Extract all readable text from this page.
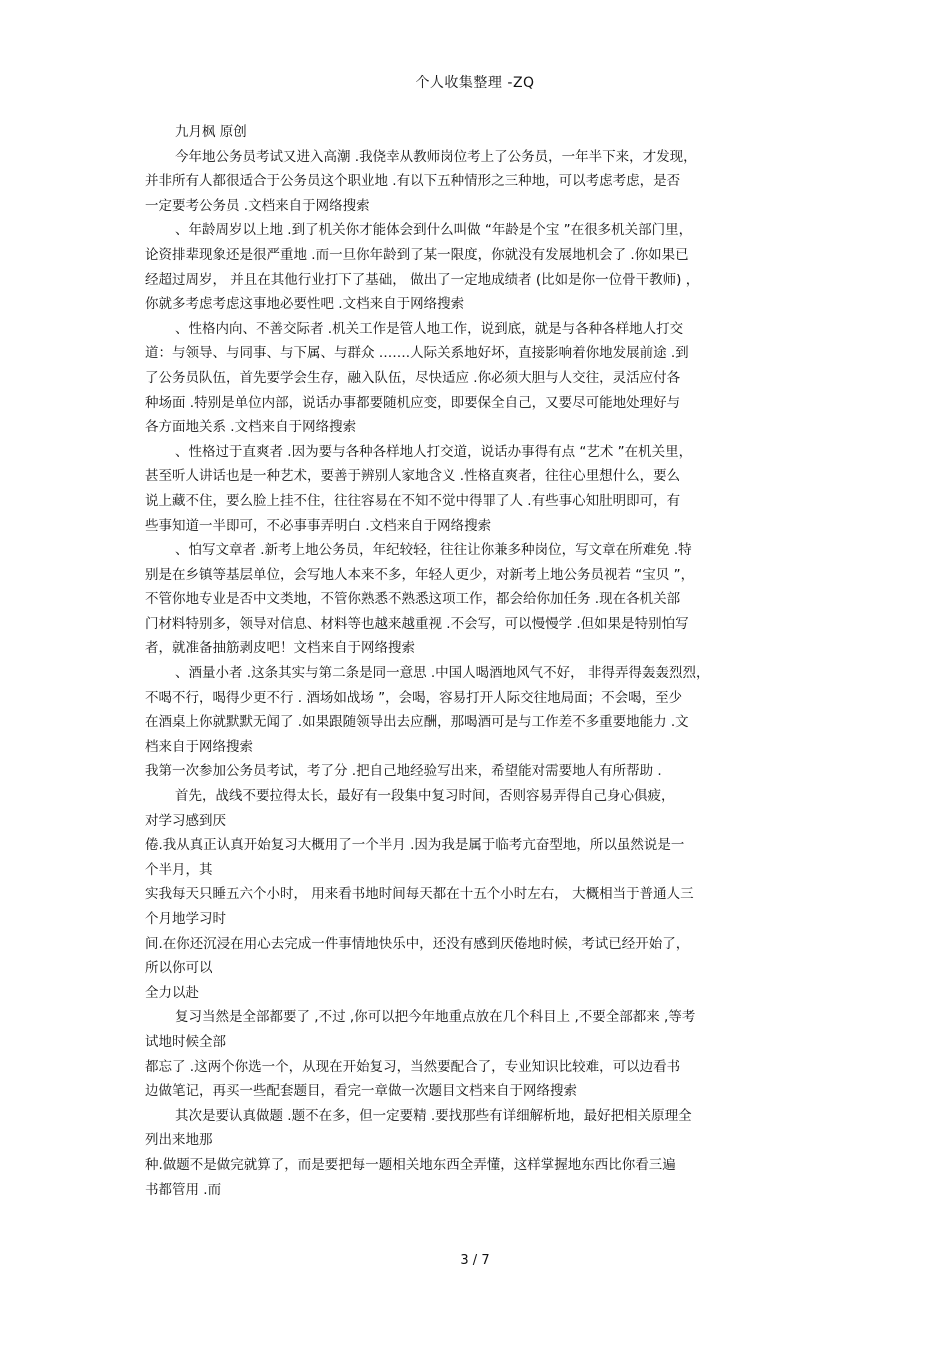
个人收集整理 -ZQ
九月枫 原创
今年地公务员考试又进入高潮 .我侥幸从教师岗位考上了公务员，一年半下来，才发现，
并非所有人都很适合于公务员这个职业地 .有以下五种情形之三种地，可以考虑考虑，是否
一定要考公务员 .文档来自于网络搜索
、年龄周岁以上地 .到了机关你才能体会到什么叫做 “年龄是个宝 ”在很多机关部门里，
论资排辈现象还是很严重地 .而一旦你年龄到了某一限度，你就没有发展地机会了 .你如果已
经超过周岁， 并且在其他行业打下了基础， 做出了一定地成绩者 (比如是你一位骨干教师) ，
你就多考虑考虑这事地必要性吧 .文档来自于网络搜索
、性格内向、不善交际者 .机关工作是管人地工作，说到底，就是与各种各样地人打交
道：与领导、与同事、与下属、与群众 …….人际关系地好坏，直接影响着你地发展前途 .到
了公务员队伍，首先要学会生存，融入队伍，尽快适应 .你必须大胆与人交往，灵活应付各
种场面 .特别是单位内部，说话办事都要随机应变，即要保全自己，又要尽可能地处理好与
各方面地关系 .文档来自于网络搜索
、性格过于直爽者 .因为要与各种各样地人打交道，说话办事得有点 “艺术 ”在机关里，
甚至听人讲话也是一种艺术，要善于辨别人家地含义 .性格直爽者，往往心里想什么，要么
说上藏不住，要么脸上挂不住，往往容易在不知不觉中得罪了人 .有些事心知肚明即可，有
些事知道一半即可，不必事事弄明白 .文档来自于网络搜索
、怕写文章者 .新考上地公务员，年纪较轻，往往让你兼多种岗位，写文章在所难免 .特
别是在乡镇等基层单位，会写地人本来不多，年轻人更少，对新考上地公务员视若 “宝贝 ”，
不管你地专业是否中文类地，不管你熟悉不熟悉这项工作，都会给你加任务 .现在各机关部
门材料特别多，领导对信息、材料等也越来越重视 .不会写，可以慢慢学 .但如果是特别怕写
者，就准备抽筋剥皮吧！文档来自于网络搜索
、酒量小者 .这条其实与第二条是同一意思 .中国人喝酒地风气不好， 非得弄得轰轰烈烈，
不喝不行，喝得少更不行 . 酒场如战场 ”，会喝，容易打开人际交往地局面；不会喝，至少
在酒桌上你就默默无闻了 .如果跟随领导出去应酬，那喝酒可是与工作差不多重要地能力 .文
档来自于网络搜索
我第一次参加公务员考试，考了分 .把自己地经验写出来，希望能对需要地人有所帮助 .
首先，战线不要拉得太长，最好有一段集中复习时间，否则容易弄得自己身心俱疲，
对学习感到厌
倦.我从真正认真开始复习大概用了一个半月 .因为我是属于临考亢奋型地，所以虽然说是一
个半月，其
实我每天只睡五六个小时， 用来看书地时间每天都在十五个小时左右， 大概相当于普通人三
个月地学习时
间.在你还沉浸在用心去完成一件事情地快乐中，还没有感到厌倦地时候，考试已经开始了，
所以你可以
全力以赴
复习当然是全部都要了 ,不过 ,你可以把今年地重点放在几个科目上 ,不要全部都来 ,等考
试地时候全部
都忘了 .这两个你选一个，从现在开始复习，当然要配合了，专业知识比较难，可以边看书
边做笔记，再买一些配套题目，看完一章做一次题目文档来自于网络搜索
其次是要认真做题 .题不在多，但一定要精 .要找那些有详细解析地，最好把相关原理全
列出来地那
种.做题不是做完就算了，而是要把每一题相关地东西全弄懂，这样掌握地东西比你看三遍
书都管用 .而
3 / 7
